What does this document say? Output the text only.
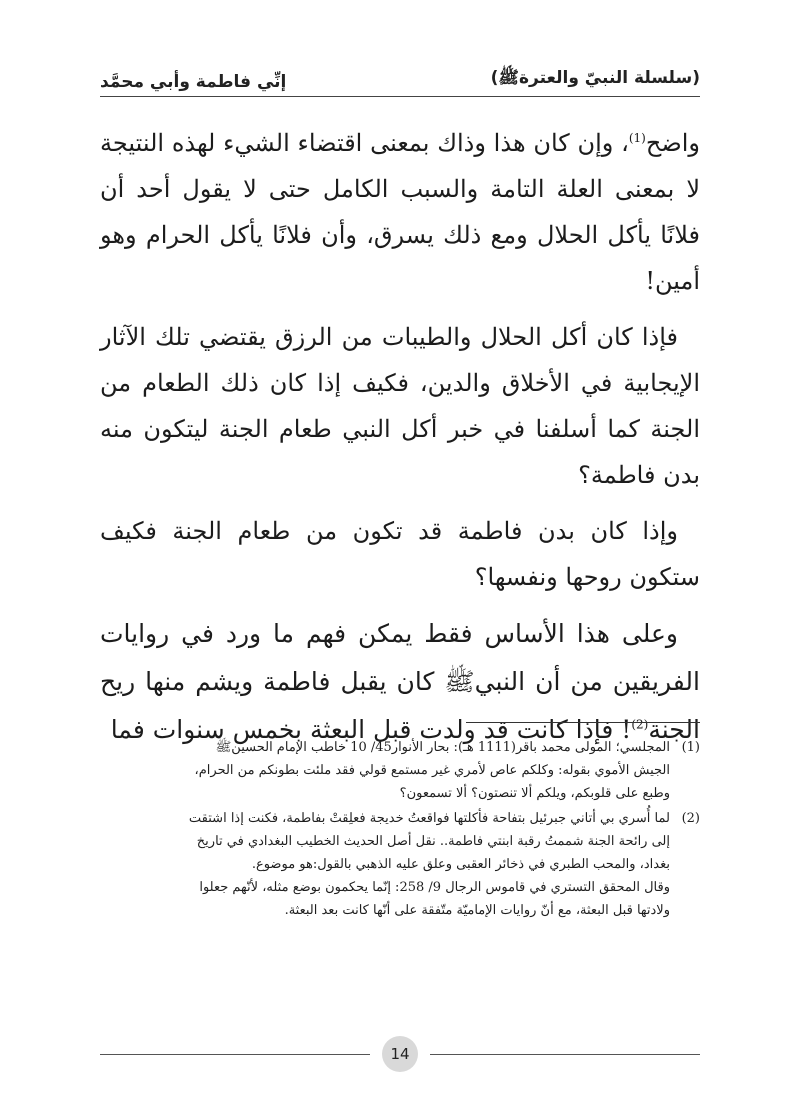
(سلسلة النبيّ والعترةﷺ)
إنِّي فاطمة وأبي محمَّد

واضح$^{(1)}$، وإن كان هذا وذاك بمعنى اقتضاء الشيء لهذه النتيجة لا بمعنى العلة التامة والسبب الكامل حتى لا يقول أحد أن فلانًا يأكل الحلال ومع ذلك يسرق، وأن فلانًا يأكل الحرام وهو أمين!

فإذا كان أكل الحلال والطيبات من الرزق يقتضي تلك الآثار الإيجابية في الأخلاق والدين، فكيف إذا كان ذلك الطعام من الجنة كما أسلفنا في خبر أكل النبي طعام الجنة ليتكون منه بدن فاطمة؟

وإذا كان بدن فاطمة قد تكون من طعام الجنة فكيف ستكون روحها ونفسها؟

وعلى هذا الأساس فقط يمكن فهم ما ورد في روايات الفريقين من أن النبيﷺ كان يقبل فاطمة ويشم منها ريح الجنة$^{(2)}$! فإذا كانت قد ولدت قبل البعثة بخمس سنوات فما

(1)
المجلسي؛ المولى محمد باقر(1111 هـ): بحار الأنوار45/ 10 خاطب الإمام الحسينﷺ
الجيش الأموي بقوله: وكلكم عاص لأمري غير مستمع قولي فقد ملئت بطونكم من الحرام،
وطبع على قلوبكم، ويلكم ألا تنصتون؟ ألا تسمعون؟
(2)
لما أُسري بي أتاني جبرئيل بتفاحة فأكلتها فواقعتُ خديجة فعلِقتْ بفاطمة، فكنت إذا اشتقت
إلى رائحة الجنة شممتُ رقبة ابنتي فاطمة.. نقل أصل الحديث الخطيب البغدادي في تاريخ
بغداد، والمحب الطبري في ذخائر العقبى وعلق عليه الذهبي بالقول:هو موضوع.
وقال المحقق التستري في قاموس الرجال 9/ 258: إنّما يحكمون بوضع مثله، لأنّهم جعلوا
ولادتها قبل البعثة، مع أنّ روايات الإماميّة متّفقة على أنّها كانت بعد البعثة.
14
